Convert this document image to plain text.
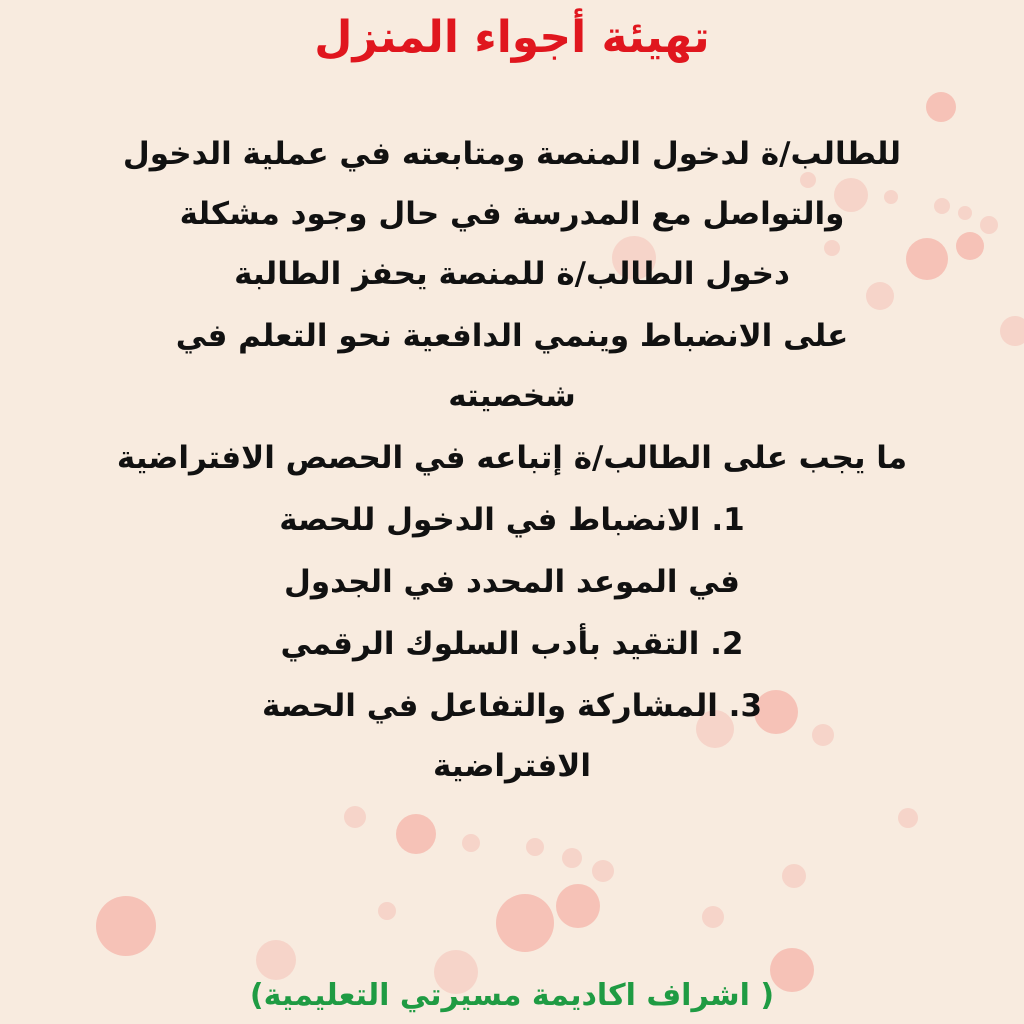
تهيئة أجواء المنزل
للطالب/ة لدخول المنصة ومتابعته في عملية الدخول
والتواصل مع المدرسة في حال وجود مشكلة
دخول الطالب/ة للمنصة يحفز الطالبة
على الانضباط وينمي الدافعية نحو التعلم في
شخصيته
ما يجب على الطالب/ة إتباعه في الحصص الافتراضية
1. الانضباط في الدخول للحصة
في الموعد المحدد في الجدول
2. التقيد بأدب السلوك الرقمي
3. المشاركة والتفاعل في الحصة
الافتراضية
( اشراف اكاديمة مسيرتي التعليمية)
